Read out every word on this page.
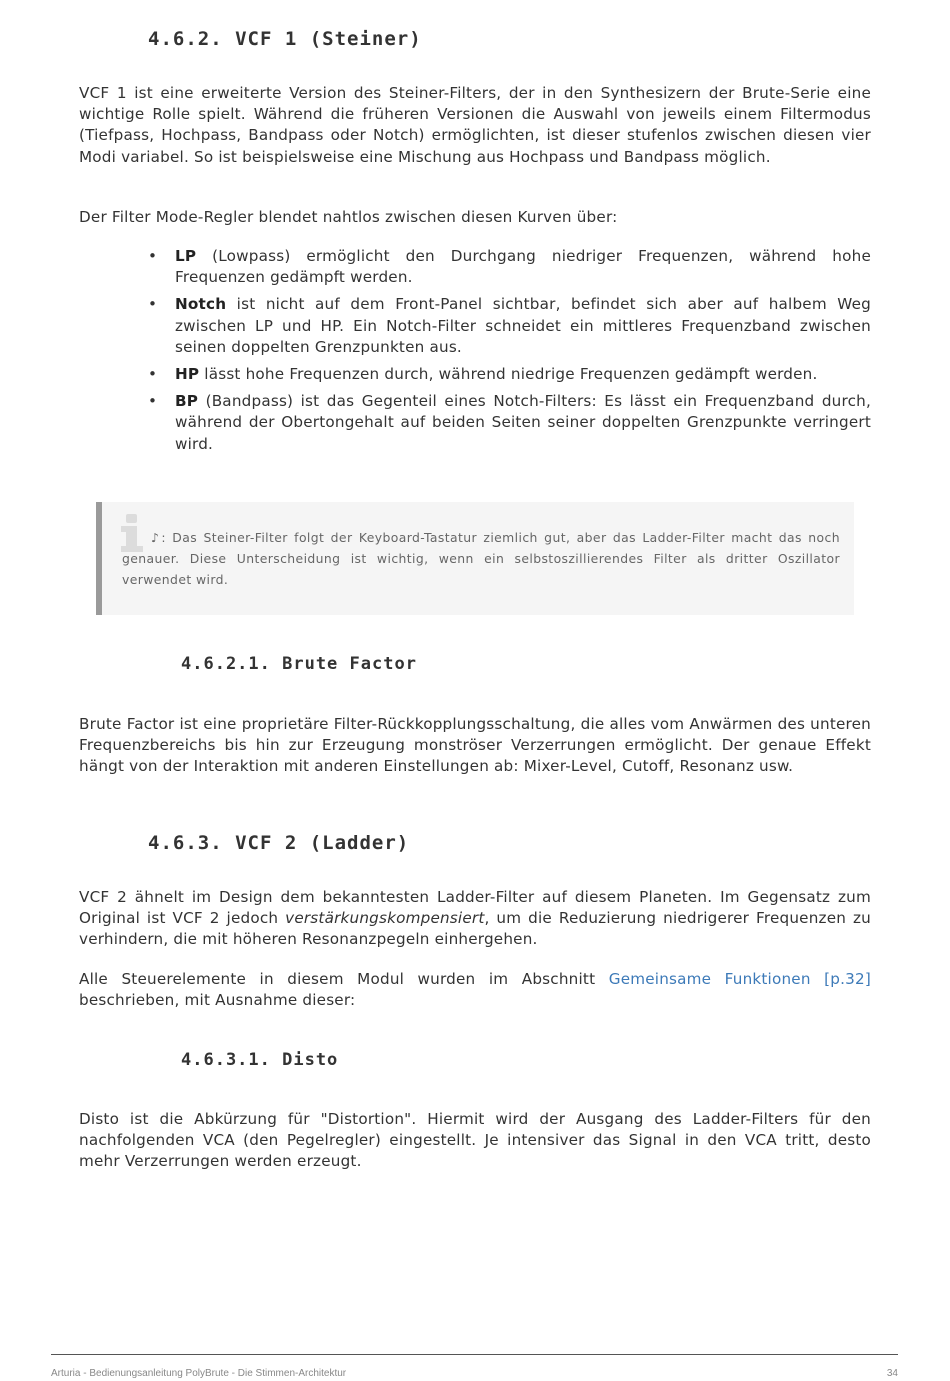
4.6.2. VCF 1 (Steiner)

VCF 1 ist eine erweiterte Version des Steiner-Filters, der in den Synthesizern der Brute-Serie eine wichtige Rolle spielt. Während die früheren Versionen die Auswahl von jeweils einem Filtermodus (Tiefpass, Hochpass, Bandpass oder Notch) ermöglichten, ist dieser stufenlos zwischen diesen vier Modi variabel. So ist beispielsweise eine Mischung aus Hochpass und Bandpass möglich.

Der Filter Mode-Regler blendet nahtlos zwischen diesen Kurven über:

• LP (Lowpass) ermöglicht den Durchgang niedriger Frequenzen, während hohe Frequenzen gedämpft werden.
• Notch ist nicht auf dem Front-Panel sichtbar, befindet sich aber auf halbem Weg zwischen LP und HP. Ein Notch-Filter schneidet ein mittleres Frequenzband zwischen seinen doppelten Grenzpunkten aus.
• HP lässt hohe Frequenzen durch, während niedrige Frequenzen gedämpft werden.
• BP (Bandpass) ist das Gegenteil eines Notch-Filters: Es lässt ein Frequenzband durch, während der Obertongehalt auf beiden Seiten seiner doppelten Grenzpunkte verringert wird.

♪: Das Steiner-Filter folgt der Keyboard-Tastatur ziemlich gut, aber das Ladder-Filter macht das noch genauer. Diese Unterscheidung ist wichtig, wenn ein selbstoszillierendes Filter als dritter Oszillator verwendet wird.

4.6.2.1. Brute Factor

Brute Factor ist eine proprietäre Filter-Rückkopplungsschaltung, die alles vom Anwärmen des unteren Frequenzbereichs bis hin zur Erzeugung monströser Verzerrungen ermöglicht. Der genaue Effekt hängt von der Interaktion mit anderen Einstellungen ab: Mixer-Level, Cutoff, Resonanz usw.

4.6.3. VCF 2 (Ladder)

VCF 2 ähnelt im Design dem bekanntesten Ladder-Filter auf diesem Planeten. Im Gegensatz zum Original ist VCF 2 jedoch verstärkungskompensiert, um die Reduzierung niedrigerer Frequenzen zu verhindern, die mit höheren Resonanzpegeln einhergehen.

Alle Steuerelemente in diesem Modul wurden im Abschnitt Gemeinsame Funktionen [p.32] beschrieben, mit Ausnahme dieser:

4.6.3.1. Disto

Disto ist die Abkürzung für "Distortion". Hiermit wird der Ausgang des Ladder-Filters für den nachfolgenden VCA (den Pegelregler) eingestellt. Je intensiver das Signal in den VCA tritt, desto mehr Verzerrungen werden erzeugt.

Arturia - Bedienungsanleitung PolyBrute - Die Stimmen-Architektur	34
